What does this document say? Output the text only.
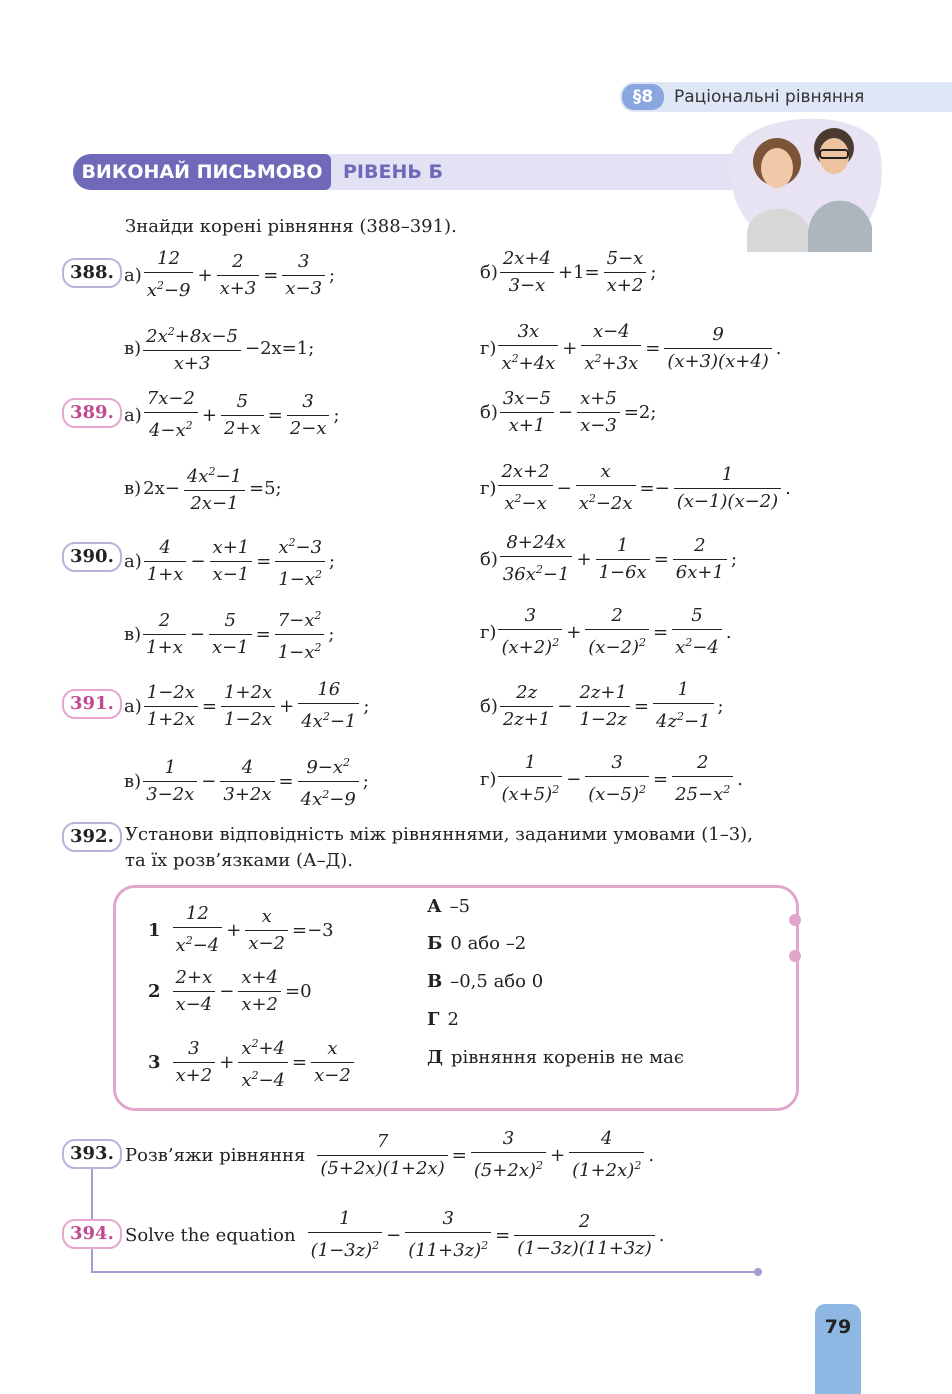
§8	Раціональні рівняння
ВИКОНАЙ ПИСЬМОВО	РІВЕНЬ Б
Знайди корені рівняння (388–391).
388. $а) \frac{12}{x^2-9} + \frac{2}{x+3} = \frac{3}{x-3}$ ;	$б) \frac{2x+4}{3-x} +1= \frac{5-x}{x+2}$ ;
$в) \frac{2x^2+8x-5}{x+3} -2x=1$;	$г) \frac{3x}{x^2+4x} + \frac{x-4}{x^2+3x} = \frac{9}{(x+3)(x+4)}$ .
389. $а) \frac{7x-2}{4-x^2} + \frac{5}{2+x} = \frac{3}{2-x}$ ;	$б) \frac{3x-5}{x+1} - \frac{x+5}{x-3} =2$;
в) $2x- \frac{4x^2-1}{2x-1} =5$;	$г) \frac{2x+2}{x^2-x} - \frac{x}{x^2-2x} =- \frac{1}{(x-1)(x-2)}$ .
390. $а) \frac{4}{1+x} - \frac{x+1}{x-1} = \frac{x^2-3}{1-x^2}$ ;	$б) \frac{8+24x}{36x^2-1} + \frac{1}{1-6x} = \frac{2}{6x+1}$ ;
$в) \frac{2}{1+x} - \frac{5}{x-1} = \frac{7-x^2}{1-x^2}$ ;	$г) \frac{3}{(x+2)^2} + \frac{2}{(x-2)^2} = \frac{5}{x^2-4}$ .
391. $а) \frac{1-2x}{1+2x} = \frac{1+2x}{1-2x} + \frac{16}{4x^2-1}$ ;	$б) \frac{2z}{2z+1} - \frac{2z+1}{1-2z} = \frac{1}{4z^2-1}$ ;
$в) \frac{1}{3-2x} - \frac{4}{3+2x} = \frac{9-x^2}{4x^2-9}$ ;	$г) \frac{1}{(x+5)^2} - \frac{3}{(x-5)^2} = \frac{2}{25-x^2}$ .
392. Установи відповідність між рівняннями, заданими умовами (1–3),
та їх розв’язками (А–Д).
$1 \frac{12}{x^2-4} + \frac{x}{x-2} =-3$
$2 \frac{2+x}{x-4} - \frac{x+4}{x+2} =0$
$3 \frac{3}{x+2} + \frac{x^2+4}{x^2-4} = \frac{x}{x-2}$
А –5
Б 0 або –2
В –0,5 або 0
Г 2
Д рівняння коренів не має
393. Розв’яжи рівняння $\frac{7}{(5+2x)(1+2x)} = \frac{3}{(5+2x)^2} + \frac{4}{(1+2x)^2}$ .
394. Solve the equation $\frac{1}{(1-3z)^2} - \frac{3}{(11+3z)^2} = \frac{2}{(1-3z)(11+3z)}$ .
79
